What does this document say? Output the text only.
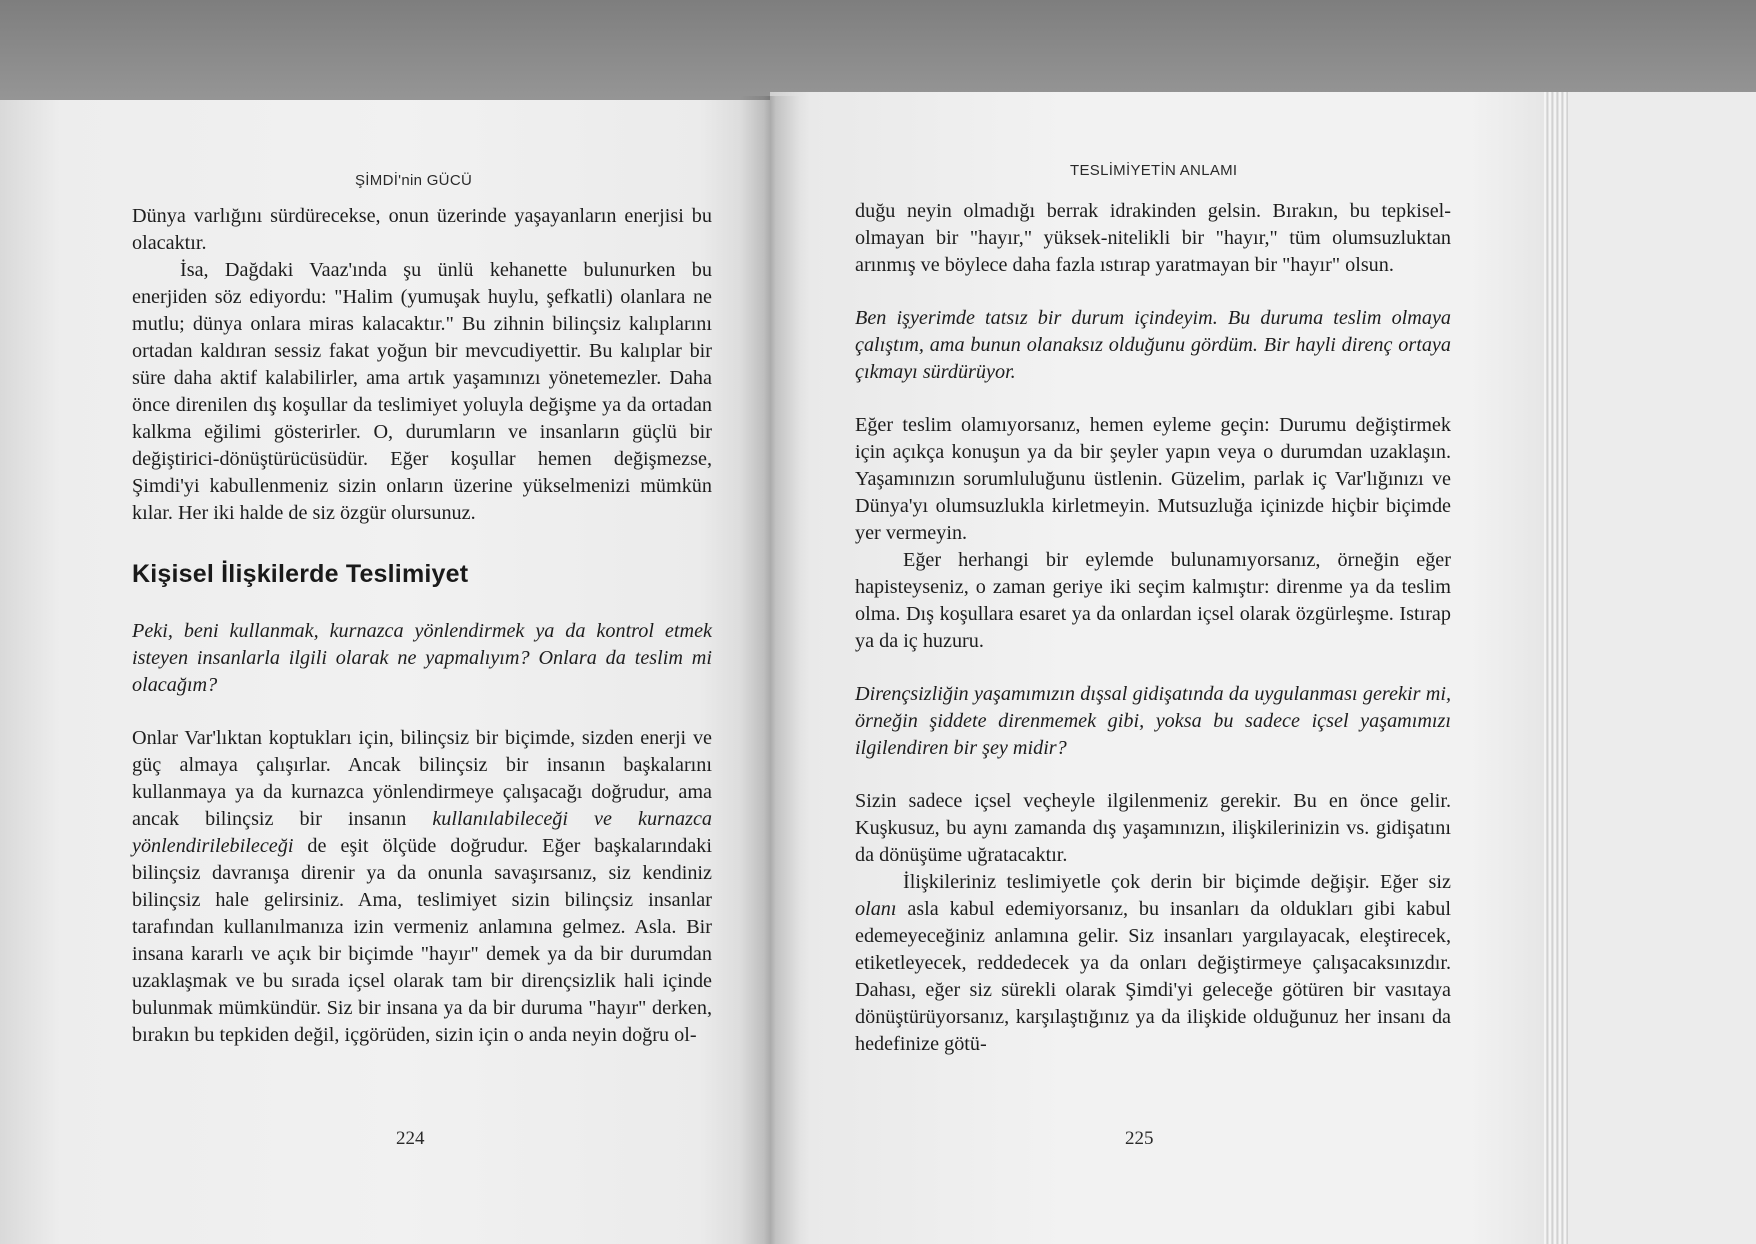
ŞİMDİ'nin GÜCÜ

Dünya varlığını sürdürecekse, onun üzerinde yaşayanların enerjisi bu olacaktır.

İsa, Dağdaki Vaaz'ında şu ünlü kehanette bulunurken bu enerjiden söz ediyordu: "Halim (yumuşak huylu, şefkatli) olanlara ne mutlu; dünya onlara miras kalacaktır." Bu zihnin bilinçsiz kalıplarını ortadan kaldıran sessiz fakat yoğun bir mevcudiyettir. Bu kalıplar bir süre daha aktif kalabilirler, ama artık yaşamınızı yönetemezler. Daha önce direnilen dış koşullar da teslimiyet yoluyla değişme ya da ortadan kalkma eğilimi gösterirler. O, durumların ve insanların güçlü bir değiştirici-dönüştürücüsüdür. Eğer koşullar hemen değişmezse, Şimdi'yi kabullenmeniz sizin onların üzerine yükselmenizi mümkün kılar. Her iki halde de siz özgür olursunuz.

Kişisel İlişkilerde Teslimiyet

Peki, beni kullanmak, kurnazca yönlendirmek ya da kontrol etmek isteyen insanlarla ilgili olarak ne yapmalıyım? Onlara da teslim mi olacağım?

Onlar Var'lıktan koptukları için, bilinçsiz bir biçimde, sizden enerji ve güç almaya çalışırlar. Ancak bilinçsiz bir insanın başkalarını kullanmaya ya da kurnazca yönlendirmeye çalışacağı doğrudur, ama ancak bilinçsiz bir insanın kullanılabileceği ve kurnazca yönlendirilebileceği de eşit ölçüde doğrudur. Eğer başkalarındaki bilinçsiz davranışa direnir ya da onunla savaşırsanız, siz kendiniz bilinçsiz hale gelirsiniz. Ama, teslimiyet sizin bilinçsiz insanlar tarafından kullanılmanıza izin vermeniz anlamına gelmez. Asla. Bir insana kararlı ve açık bir biçimde "hayır" demek ya da bir durumdan uzaklaşmak ve bu sırada içsel olarak tam bir dirençsizlik hali içinde bulunmak mümkündür. Siz bir insana ya da bir duruma "hayır" derken, bırakın bu tepkiden değil, içgörüden, sizin için o anda neyin doğru ol-

224
TESLİMİYETİN ANLAMI

duğu neyin olmadığı berrak idrakinden gelsin. Bırakın, bu tepkisel-olmayan bir "hayır," yüksek-nitelikli bir "hayır," tüm olumsuzluktan arınmış ve böylece daha fazla ıstırap yaratmayan bir "hayır" olsun.

Ben işyerimde tatsız bir durum içindeyim. Bu duruma teslim olmaya çalıştım, ama bunun olanaksız olduğunu gördüm. Bir hayli direnç ortaya çıkmayı sürdürüyor.

Eğer teslim olamıyorsanız, hemen eyleme geçin: Durumu değiştirmek için açıkça konuşun ya da bir şeyler yapın veya o durumdan uzaklaşın. Yaşamınızın sorumluluğunu üstlenin. Güzelim, parlak iç Var'lığınızı ve Dünya'yı olumsuzlukla kirletmeyin. Mutsuzluğa içinizde hiçbir biçimde yer vermeyin.

Eğer herhangi bir eylemde bulunamıyorsanız, örneğin eğer hapisteyseniz, o zaman geriye iki seçim kalmıştır: direnme ya da teslim olma. Dış koşullara esaret ya da onlardan içsel olarak özgürleşme. Istırap ya da iç huzuru.

Dirençsizliğin yaşamımızın dışsal gidişatında da uygulanması gerekir mi, örneğin şiddete direnmemek gibi, yoksa bu sadece içsel yaşamımızı ilgilendiren bir şey midir?

Sizin sadece içsel veçheyle ilgilenmeniz gerekir. Bu en önce gelir. Kuşkusuz, bu aynı zamanda dış yaşamınızın, ilişkilerinizin vs. gidişatını da dönüşüme uğratacaktır.

İlişkileriniz teslimiyetle çok derin bir biçimde değişir. Eğer siz olanı asla kabul edemiyorsanız, bu insanları da oldukları gibi kabul edemeyeceğiniz anlamına gelir. Siz insanları yargılayacak, eleştirecek, etiketleyecek, reddedecek ya da onları değiştirmeye çalışacaksınızdır. Dahası, eğer siz sürekli olarak Şimdi'yi geleceğe götüren bir vasıtaya dönüştürüyorsanız, karşılaştığınız ya da ilişkide olduğunuz her insanı da hedefinize götü-

225
